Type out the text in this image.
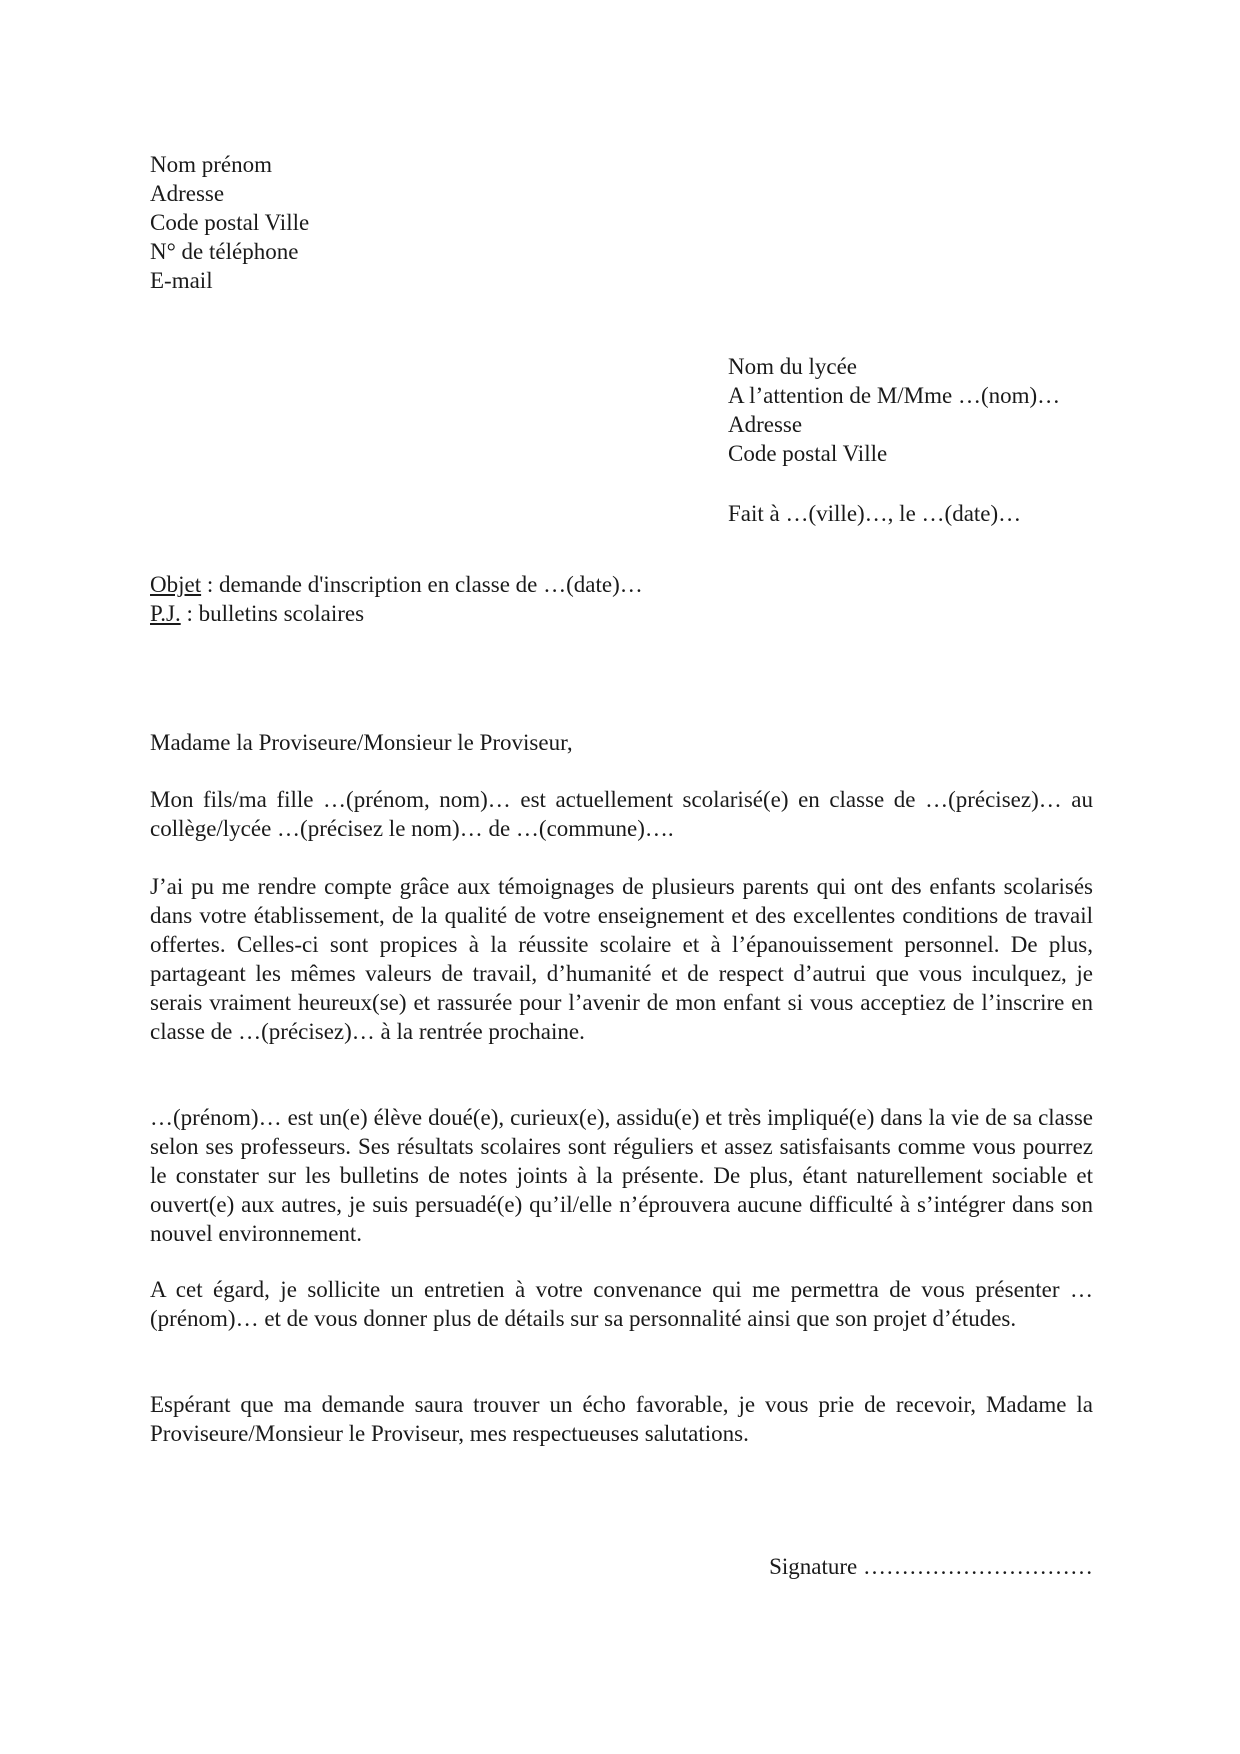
Nom prénom
Adresse
Code postal Ville
N° de téléphone
E-mail
Nom du lycée
A l’attention de M/Mme …(nom)…
Adresse
Code postal Ville
Fait à …(ville)…, le …(date)…
Objet : demande d'inscription en classe de …(date)…
P.J. : bulletins scolaires
Madame la Proviseure/Monsieur le Proviseur,

Mon fils/ma fille …(prénom, nom)… est actuellement scolarisé(e) en classe de …(précisez)… au collège/lycée …(précisez le nom)… de …(commune)….

J’ai pu me rendre compte grâce aux témoignages de plusieurs parents qui ont des enfants scolarisés dans votre établissement, de la qualité de votre enseignement et des excellentes conditions de travail offertes. Celles-ci sont propices à la réussite scolaire et à l’épanouissement personnel. De plus, partageant les mêmes valeurs de travail, d’humanité et de respect d’autrui que vous inculquez, je serais vraiment heureux(se) et rassurée pour l’avenir de mon enfant si vous acceptiez de l’inscrire en classe de …(précisez)… à la rentrée prochaine.

…(prénom)… est un(e) élève doué(e), curieux(e), assidu(e) et très impliqué(e) dans la vie de sa classe selon ses professeurs. Ses résultats scolaires sont réguliers et assez satisfaisants comme vous pourrez le constater sur les bulletins de notes joints à la présente. De plus, étant naturellement sociable et ouvert(e) aux autres, je suis persuadé(e) qu’il/elle n’éprouvera aucune difficulté à s’intégrer dans son nouvel environnement.

A cet égard, je sollicite un entretien à votre convenance qui me permettra de vous présenter …(prénom)… et de vous donner plus de détails sur sa personnalité ainsi que son projet d’études.

Espérant que ma demande saura trouver un écho favorable, je vous prie de recevoir, Madame la Proviseure/Monsieur le Proviseur, mes respectueuses salutations.

Signature …………………………
